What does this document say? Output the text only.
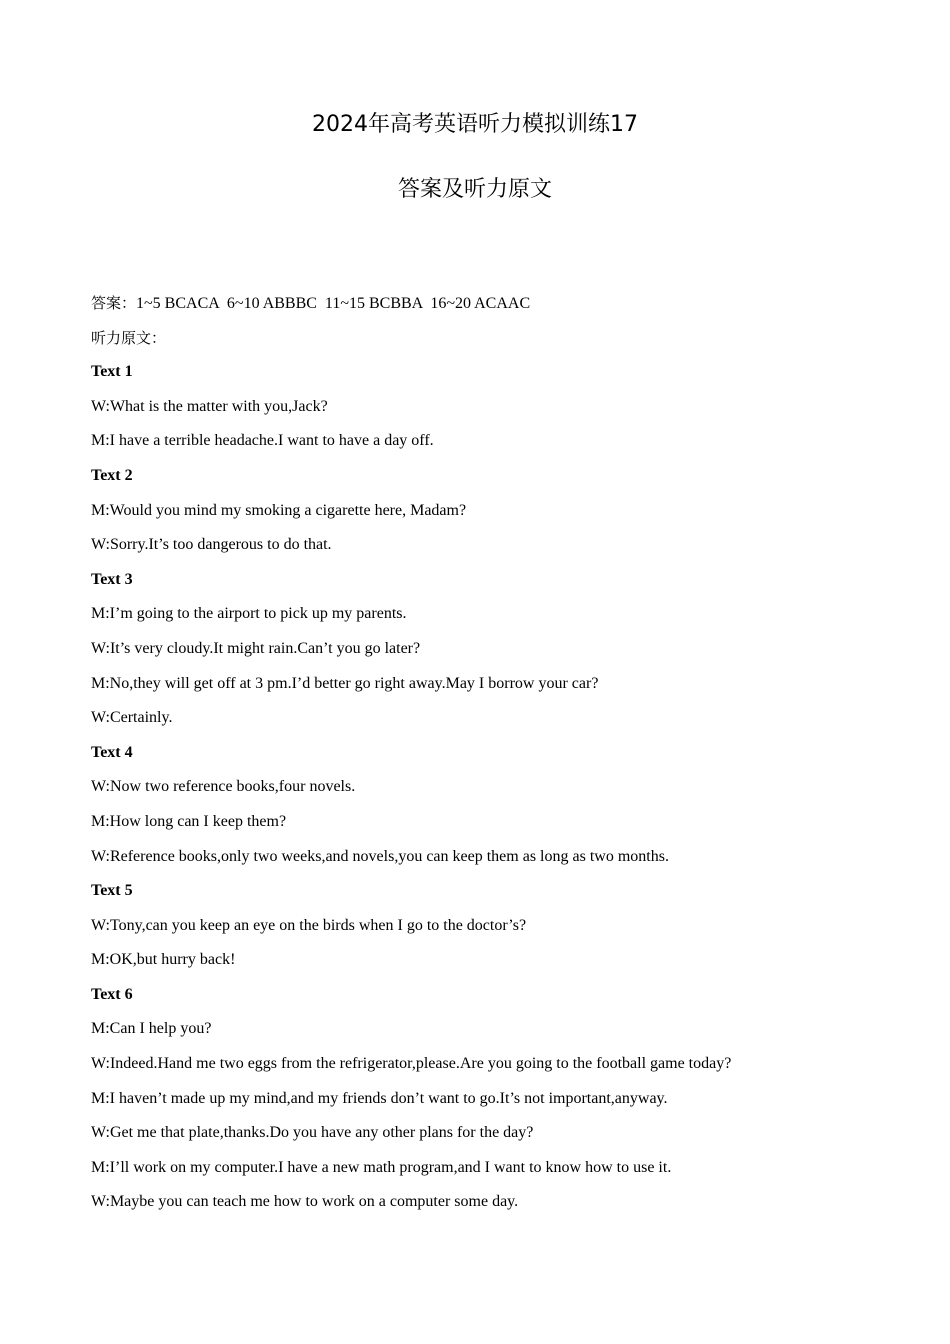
2024年高考英语听力模拟训练17
答案及听力原文
答案：1~5 BCACA  6~10 ABBBC  11~15 BCBBA  16~20 ACAAC
听力原文：
Text 1
W:What is the matter with you,Jack?
M:I have a terrible headache.I want to have a day off.
Text 2
M:Would you mind my smoking a cigarette here, Madam?
W:Sorry.It’s too dangerous to do that.
Text 3
M:I’m going to the airport to pick up my parents.
W:It’s very cloudy.It might rain.Can’t you go later?
M:No,they will get off at 3 pm.I’d better go right away.May I borrow your car?
W:Certainly.
Text 4
W:Now two reference books,four novels.
M:How long can I keep them?
W:Reference books,only two weeks,and novels,you can keep them as long as two months.
Text 5
W:Tony,can you keep an eye on the birds when I go to the doctor’s?
M:OK,but hurry back!
Text 6
M:Can I help you?
W:Indeed.Hand me two eggs from the refrigerator,please.Are you going to the football game today?
M:I haven’t made up my mind,and my friends don’t want to go.It’s not important,anyway.
W:Get me that plate,thanks.Do you have any other plans for the day?
M:I’ll work on my computer.I have a new math program,and I want to know how to use it.
W:Maybe you can teach me how to work on a computer some day.
